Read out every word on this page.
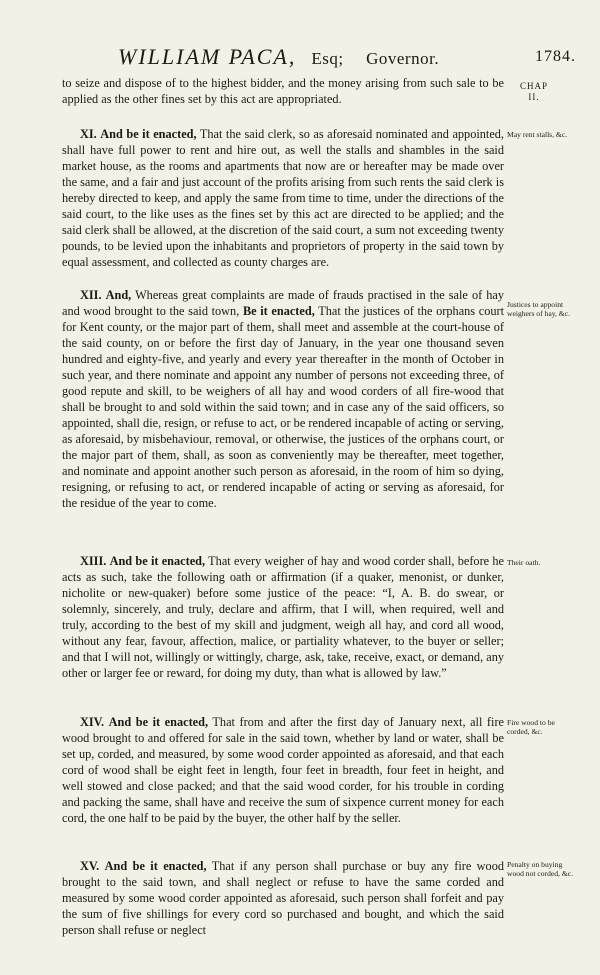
WILLIAM PACA, Esq; Governor.	1784.
CHAP
II.

to seize and dispose of to the highest bidder, and the money arising from such sale to be applied as the other fines set by this act are appropriated.

XI. And be it enacted, That the said clerk, so as aforesaid nominated and appointed, shall have full power to rent and hire out, as well the stalls and shambles in the said market house, as the rooms and apartments that now are or hereafter may be made over the same, and a fair and just account of the profits arising from such rents the said clerk is hereby directed to keep, and apply the same from time to time, under the directions of the said court, to the like uses as the fines set by this act are directed to be applied; and the said clerk shall be allowed, at the discretion of the said court, a sum not exceeding twenty pounds, to be levied upon the inhabitants and proprietors of property in the said town by equal assessment, and collected as county charges are.

May rent stalls, &c.

XII. And, Whereas great complaints are made of frauds practised in the sale of hay and wood brought to the said town, Be it enacted, That the justices of the orphans court for Kent county, or the major part of them, shall meet and assemble at the court-house of the said county, on or before the first day of January, in the year one thousand seven hundred and eighty-five, and yearly and every year thereafter in the month of October in such year, and there nominate and appoint any number of persons not exceeding three, of good repute and skill, to be weighers of all hay and wood corders of all fire-wood that shall be brought to and sold within the said town; and in case any of the said officers, so appointed, shall die, resign, or refuse to act, or be rendered incapable of acting or serving, as aforesaid, by misbehaviour, removal, or otherwise, the justices of the orphans court, or the major part of them, shall, as soon as conveniently may be thereafter, meet together, and nominate and appoint another such person as aforesaid, in the room of him so dying, resigning, or refusing to act, or rendered incapable of acting or serving as aforesaid, for the residue of the year to come.

Justices to appoint weighers of hay, &c.

XIII. And be it enacted, That every weigher of hay and wood corder shall, before he acts as such, take the following oath or affirmation (if a quaker, menonist, or dunker, nicholite or new-quaker) before some justice of the peace: “I, A. B. do swear, or solemnly, sincerely, and truly, declare and affirm, that I will, when required, well and truly, according to the best of my skill and judgment, weigh all hay, and cord all wood, without any fear, favour, affection, malice, or partiality whatever, to the buyer or seller; and that I will not, willingly or wittingly, charge, ask, take, receive, exact, or demand, any other or larger fee or reward, for doing my duty, than what is allowed by law.”

Their oath.

XIV. And be it enacted, That from and after the first day of January next, all fire wood brought to and offered for sale in the said town, whether by land or water, shall be set up, corded, and measured, by some wood corder appointed as aforesaid, and that each cord of wood shall be eight feet in length, four feet in breadth, four feet in height, and well stowed and close packed; and that the said wood corder, for his trouble in cording and packing the same, shall have and receive the sum of sixpence current money for each cord, the one half to be paid by the buyer, the other half by the seller.

Fire wood to be corded, &c.

XV. And be it enacted, That if any person shall purchase or buy any fire wood brought to the said town, and shall neglect or refuse to have the same corded and measured by some wood corder appointed as aforesaid, such person shall forfeit and pay the sum of five shillings for every cord so purchased and bought, and which the said person shall refuse or neglect

Penalty on buying wood not corded, &c.
